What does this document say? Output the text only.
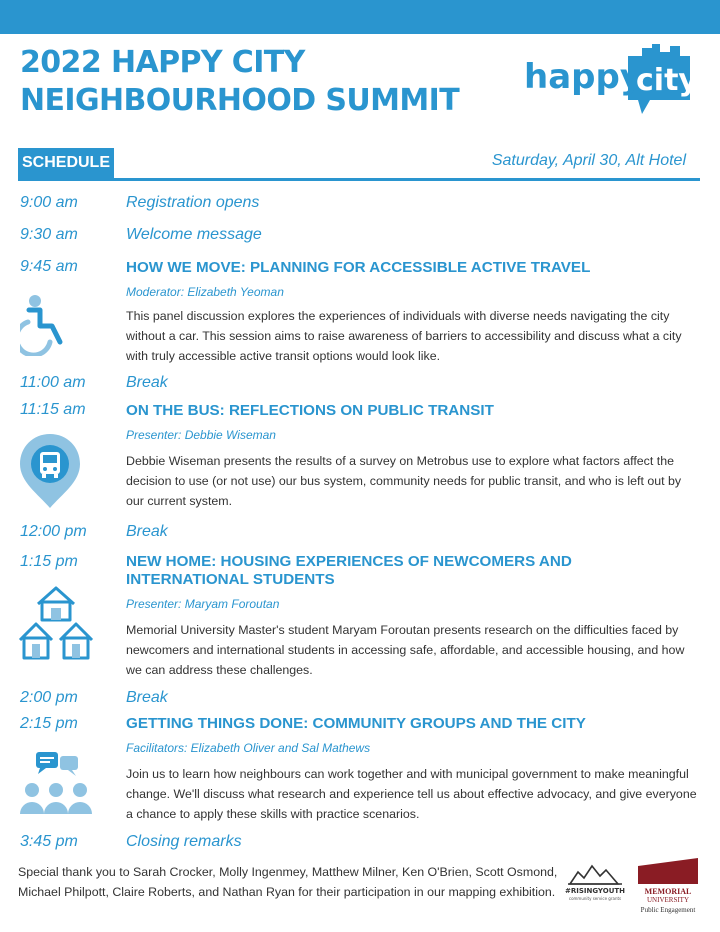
2022 HAPPY CITY
NEIGHBOURHOOD SUMMIT
happy
city
SCHEDULE	Saturday, April 30, Alt Hotel
9:00 am	Registration opens
9:30 am	Welcome message
9:45 am	HOW WE MOVE: PLANNING FOR ACCESSIBLE ACTIVE TRAVEL
Moderator: Elizabeth Yeoman
This panel discussion explores the experiences of individuals with diverse needs navigating the city without a car. This session aims to raise awareness of barriers to accessibility and discuss what a city with truly accessible active transit options would look like.
11:00 am	Break
11:15 am	ON THE BUS: REFLECTIONS ON PUBLIC TRANSIT
Presenter: Debbie Wiseman
Debbie Wiseman presents the results of a survey on Metrobus use to explore what factors affect the decision to use (or not use) our bus system, community needs for public transit, and who is left out by our current system.
12:00 pm Break
1:15 pm	NEW HOME: HOUSING EXPERIENCES OF NEWCOMERS AND INTERNATIONAL STUDENTS
Presenter: Maryam Foroutan
Memorial University Master's student Maryam Foroutan presents research on the difficulties faced by newcomers and international students in accessing safe, affordable, and accessible housing, and how we can address these challenges.
2:00 pm	Break
2:15 pm	GETTING THINGS DONE: COMMUNITY GROUPS AND THE CITY
Facilitators: Elizabeth Oliver and Sal Mathews
Join us to learn how neighbours can work together and with municipal government to make meaningful change. We'll discuss what research and experience tell us about effective advocacy, and give everyone a chance to apply these skills with practice scenarios.
3:45 pm	Closing remarks
Special thank you to Sarah Crocker, Molly Ingenmey, Matthew Milner, Ken O'Brien, Scott Osmond, Michael Philpott, Claire Roberts, and Nathan Ryan for their participation in our mapping exhibition.	#RISINGYOUTH
community service grants
MEMORIAL
UNIVERSITY
Public Engagement
